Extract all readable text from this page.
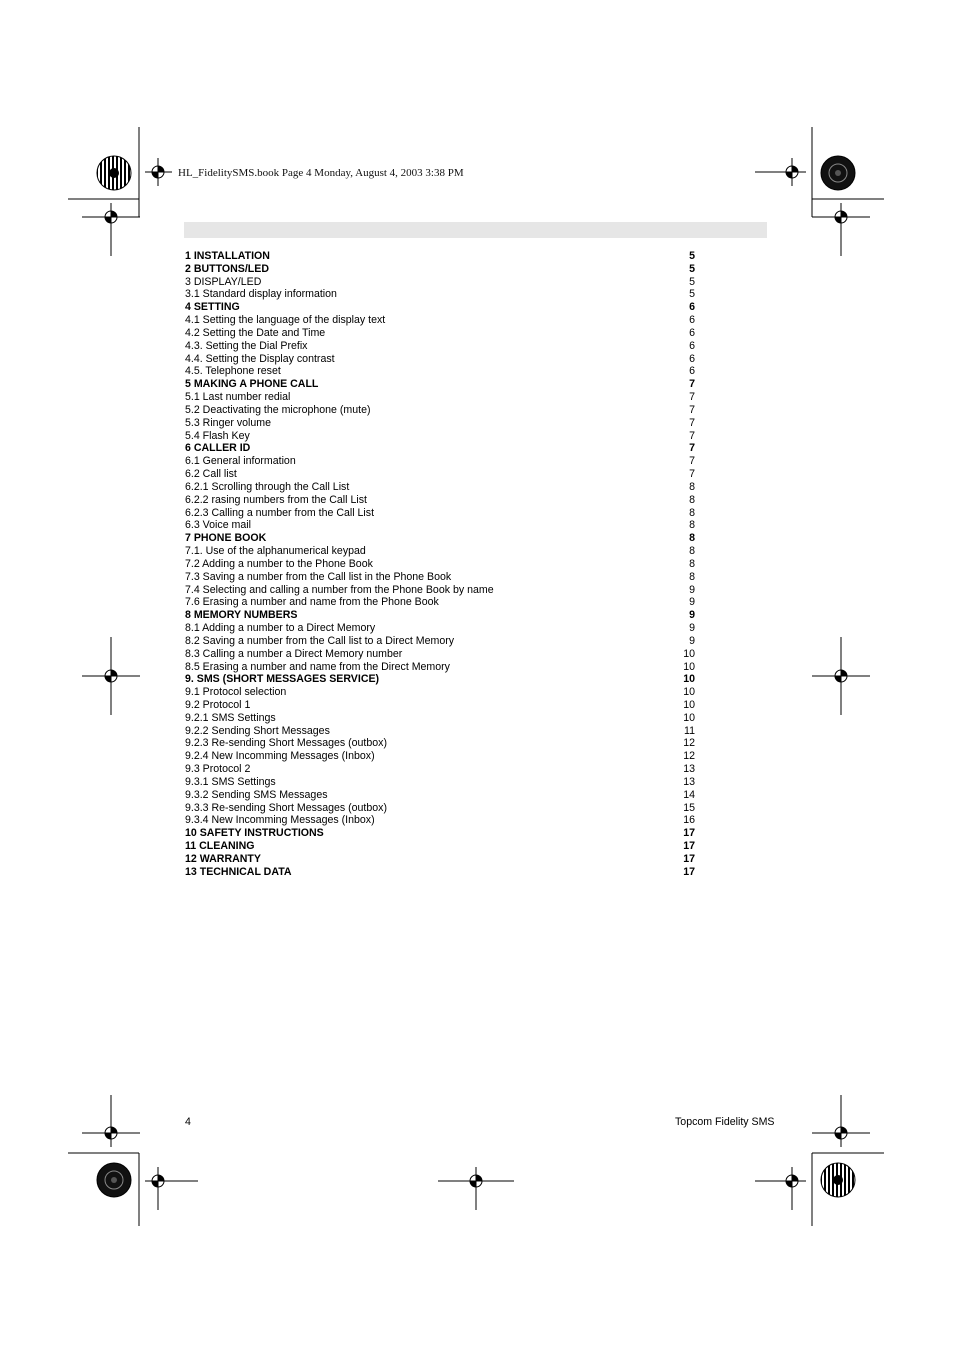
HL_FidelitySMS.book Page 4 Monday, August 4, 2003 3:38 PM
1 INSTALLATION	5
2 BUTTONS/LED	5
3 DISPLAY/LED	5
3.1 Standard display information	5
4 SETTING	6
4.1 Setting the language of the display text	6
4.2 Setting the Date and Time	6
4.3. Setting the Dial Prefix	6
4.4. Setting the Display contrast	6
4.5. Telephone reset	6
5 MAKING A PHONE CALL	7
5.1 Last number redial	7
5.2 Deactivating the microphone (mute)	7
5.3 Ringer volume	7
5.4 Flash Key	7
6 CALLER ID	7
6.1 General information	7
6.2 Call list	7
6.2.1 Scrolling through the Call List	8
6.2.2 rasing numbers from the Call List	8
6.2.3 Calling a number from the Call List	8
6.3 Voice mail	8
7 PHONE BOOK	8
7.1. Use of the alphanumerical keypad	8
7.2 Adding a number to the Phone Book	8
7.3 Saving a number from the Call list in the Phone Book	8
7.4 Selecting and calling a number from the Phone Book by name	9
7.6 Erasing a number and name from the Phone Book	9
8 MEMORY NUMBERS	9
8.1 Adding a number to a Direct Memory	9
8.2 Saving a number from the Call list to a Direct Memory	9
8.3 Calling a number a Direct Memory number	10
8.5 Erasing a number and name from the Direct Memory	10
9. SMS (SHORT MESSAGES SERVICE)	10
9.1 Protocol selection	10
9.2 Protocol 1	10
9.2.1 SMS Settings	10
9.2.2 Sending Short Messages	11
9.2.3 Re-sending Short Messages (outbox)	12
9.2.4 New Incomming Messages (Inbox)	12
9.3 Protocol 2	13
9.3.1 SMS Settings	13
9.3.2 Sending SMS Messages	14
9.3.3 Re-sending Short Messages (outbox)	15
9.3.4 New Incomming Messages (Inbox)	16
10 SAFETY INSTRUCTIONS	17
11 CLEANING	17
12 WARRANTY	17
13 TECHNICAL DATA	17
4	Topcom Fidelity SMS
